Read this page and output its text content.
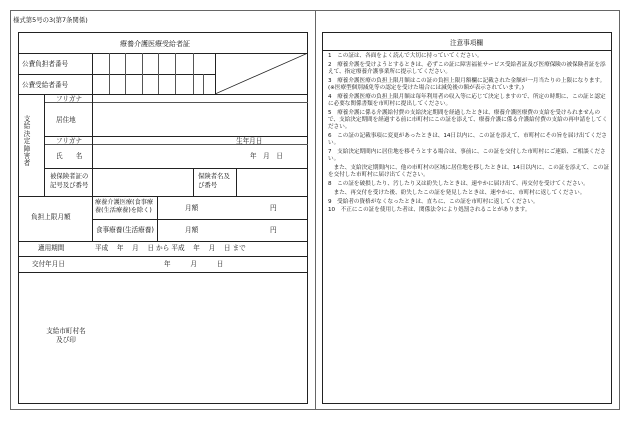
様式第5号の3(第7条関係)
療養介護医療受給者証
公費負担者番号
公費受給者番号
支給決定障害者
フリガナ
居住地
フリガナ	生年月日
氏　　名	年　月　日
被保険者証の記号及び番号
保険者名及び番号
負担上限月額
療養介護医療(食事療養(生活療養)を除く)	月額	円
食事療養(生活療養)	月額	円
適用期間	平成　 年　 月　 日 から 平成　 年　 月　 日 まで
交付年月日	年　　　月　　　日
支給市町村名及び印
注意事項欄

1　この証は、各面をよく読んで大切に持っていてください。

2　療養介護を受けようとするときは、必ずこの証に障害福祉サービス受給者証及び医療保険の被保険者証を添えて、指定療養介護事業所に提示してください。

3　療養介護医療の負担上限月額はこの証の負担上限月額欄に記載された金額が一月当たりの上限になります。(※医療型個別減免等の認定を受けた場合には減免後の額が表示されています。)

4　療養介護医療の負担上限月額は毎年利用者の収入等に応じて決定しますので、所定の時期に、この証と認定に必要な関係書類を市町村に提出してください。

5　療養介護に係る介護給付費の支給決定期間を経過したときは、療養介護医療費の支給を受けられませんので、支給決定期間を経過する前に市町村にこの証を添えて、療養介護に係る介護給付費の支給の再申請をしてください。

6　この証の記載事項に変更があったときは、14日以内に、この証を添えて、市町村にその旨を届け出てください。

7　支給決定期間内に居住地を移そうとする場合は、事前に、この証を交付した市町村にご連絡、ご相談ください。

　また、支給決定期間内に、他の市町村の区域に居住地を移したときは、14日以内に、この証を添えて、この証を交付した市町村に届け出てください。

8　この証を破損したり、汚したり又は紛失したときは、速やかに届け出て、再交付を受けてください。

　また、再交付を受けた後、紛失したこの証を発見したときは、速やかに、市町村に返してください。

9　受給者の資格がなくなったときは、直ちに、この証を市町村に返してください。

10　不正にこの証を使用した者は、関係法令により処罰されることがあります。
